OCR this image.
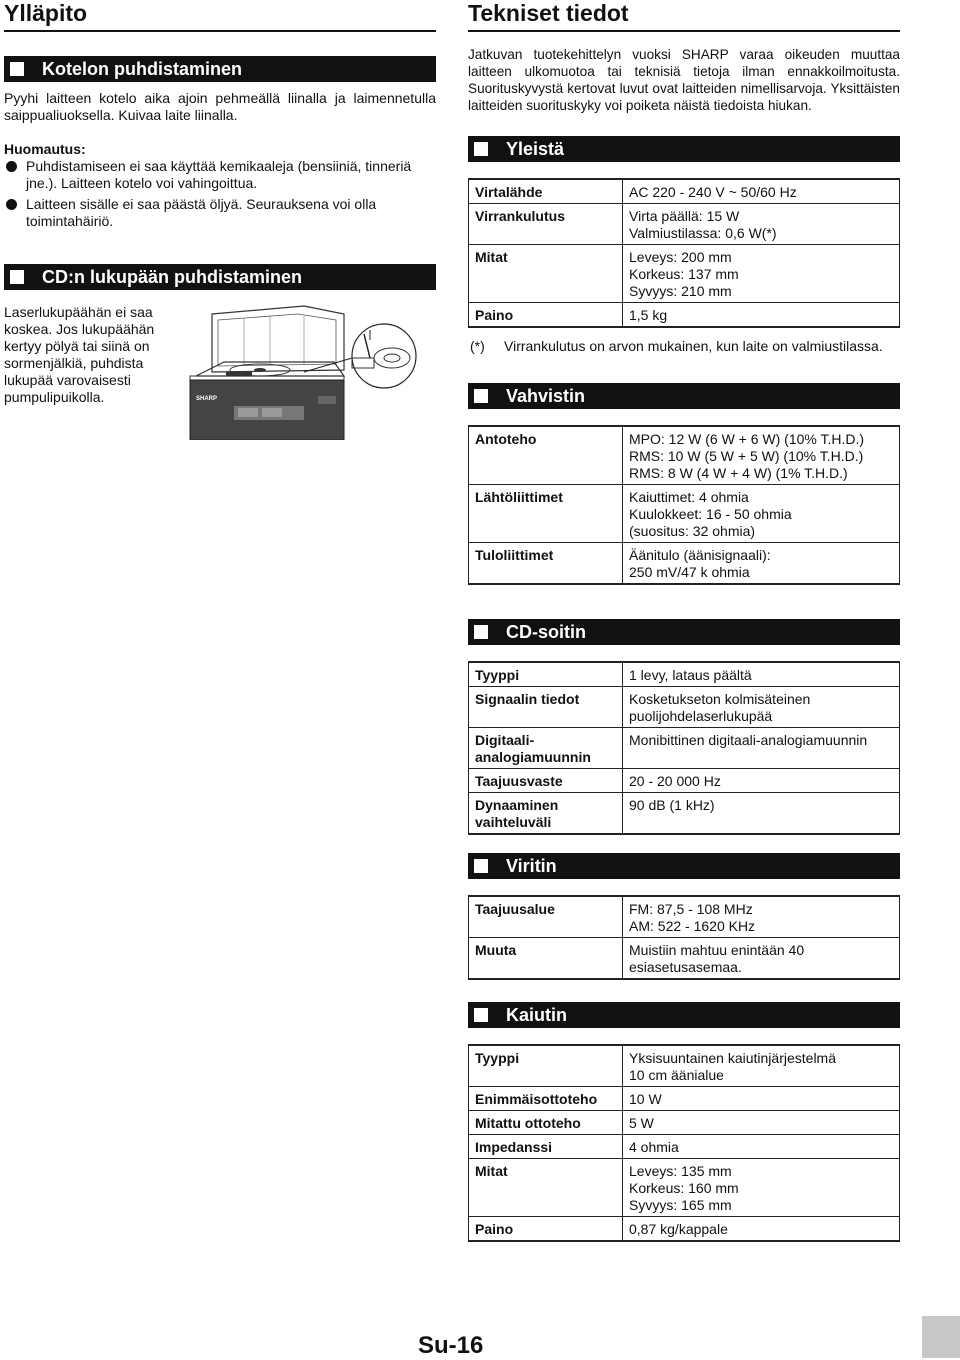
Ylläpito
Kotelon puhdistaminen

Pyyhi laitteen kotelo aika ajoin pehmeällä liinalla ja laimennetulla saippualiuoksella. Kuivaa laite liinalla.

Huomautus:

Puhdistamiseen ei saa käyttää kemikaaleja (bensiiniä, tinneriä jne.). Laitteen kotelo voi vahingoittua.
Laitteen sisälle ei saa päästä öljyä. Seurauksena voi olla toimintahäiriö.
CD:n lukupään puhdistaminen

Laserlukupäähän ei saa koskea. Jos lukupäähän kertyy pölyä tai siinä on sormenjälkiä, puhdista lukupää varovaisesti pumpulipuikolla.	SHARP
Tekniset tiedot

Jatkuvan tuotekehittelyn vuoksi SHARP varaa oikeuden muuttaa laitteen ulkomuotoa tai teknisiä tietoja ilman ennakkoilmoitusta. Suorituskyvystä kertovat luvut ovat laitteiden nimellisarvoja. Yksittäisten laitteiden suorituskyky voi poiketa näistä tiedoista hiukan.

Yleistä
Virtalähde	AC 220 - 240 V ~ 50/60 Hz

Virrankulutus	Virta päällä: 15 W
Valmiustilassa: 0,6 W(*)

Mitat	Leveys: 200 mm
Korkeus: 137 mm
Syvyys: 210 mm

Paino	1,5 kg
(*)	Virrankulutus on arvon mukainen, kun laite on valmiustilassa.
Vahvistin
Antoteho	MPO: 12 W (6 W + 6 W) (10% T.H.D.)
RMS: 10 W (5 W + 5 W) (10% T.H.D.)
RMS: 8 W (4 W + 4 W) (1% T.H.D.)

Lähtöliittimet	Kaiuttimet: 4 ohmia
Kuulokkeet: 16 - 50 ohmia
(suositus: 32 ohmia)

Tuloliittimet	Äänitulo (äänisignaali):
250 mV/47 k ohmia
CD-soitin
Tyyppi	1 levy, lataus päältä

Signaalin tiedot	Kosketukseton kolmisäteinen
puolijohdelaserlukupää

Digitaali-
analogiamuunnin	Monibittinen digitaali-analogiamuunnin

Taajuusvaste	20 - 20 000 Hz

Dynaaminen
vaihteluväli	90 dB (1 kHz)
Viritin
Taajuusalue	FM: 87,5 - 108 MHz
AM: 522 - 1620 KHz

Muuta	Muistiin mahtuu enintään 40
esiasetusasemaa.
Kaiutin
Tyyppi	Yksisuuntainen kaiutinjärjestelmä
10 cm äänialue

Enimmäisottoteho	10 W

Mitattu ottoteho	5 W

Impedanssi	4 ohmia

Mitat	Leveys: 135 mm
Korkeus: 160 mm
Syvyys: 165 mm

Paino	0,87 kg/kappale
Su-16
